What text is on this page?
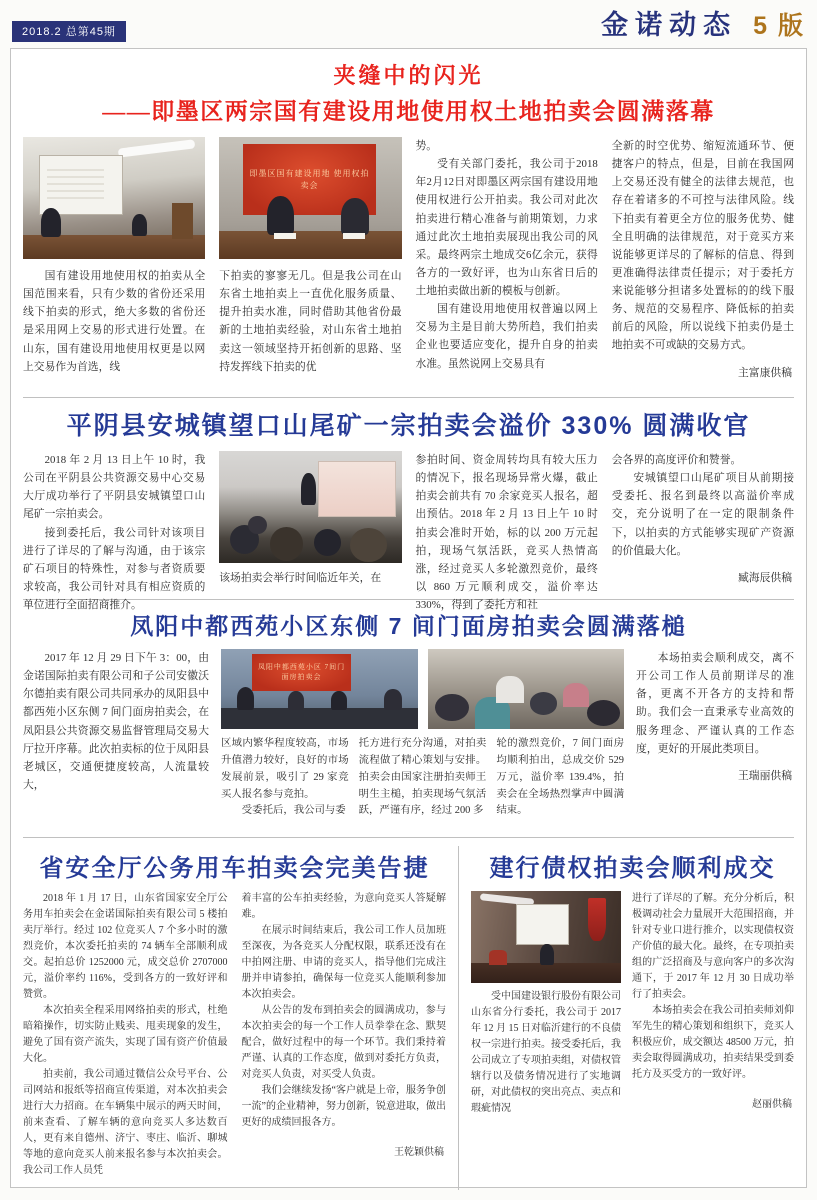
2018.2 总第45期	金诺动态 5 版
夹缝中的闪光
——即墨区两宗国有建设用地使用权土地拍卖会圆满落幕

国有建设用地使用权的拍卖从全国范围来看，只有少数的省份还采用线下拍卖的形式，绝大多数的省份还是采用网上交易的形式进行处置。在山东，国有建设用地使用权更是以网上交易作为首选，线

即墨区国有建设用地 使用权拍卖会

下拍卖的寥寥无几。但是我公司在山东省土地拍卖上一直优化服务质量、提升拍卖水准，同时借助其他省份最新的土地拍卖经验，对山东省土地拍卖这一领域坚持开拓创新的思路、坚持发挥线下拍卖的优

势。

受有关部门委托，我公司于2018年2月12日对即墨区两宗国有建设用地使用权进行公开拍卖。我公司对此次拍卖进行精心准备与前期策划，力求通过此次土地拍卖展现出我公司的风采。最终两宗土地成交6亿余元，获得各方的一致好评，也为山东省日后的土地拍卖做出新的模板与创新。

国有建设用地使用权普遍以网上交易为主是目前大势所趋，我们拍卖企业也要适应变化，提升自身的拍卖水准。虽然说网上交易具有

全新的时空优势、缩短流通环节、便捷客户的特点，但是，目前在我国网上交易还没有健全的法律去规范，也存在着诸多的不可控与法律风险。线下拍卖有着更全方位的服务优势、健全且明确的法律规范，对于竞买方来说能够更详尽的了解标的信息、得到更准确得法律责任提示；对于委托方来说能够分担诸多处置标的的线下服务、规范的交易程序、降低标的拍卖前后的风险，所以说线下拍卖仍是土地拍卖不可或缺的交易方式。

主富康供稿

平阴县安城镇望口山尾矿一宗拍卖会溢价 330% 圆满收官

2018 年 2 月 13 日上午 10 时，我公司在平阴县公共资源交易中心交易大厅成功举行了平阴县安城镇望口山尾矿一宗拍卖会。

接到委托后，我公司针对该项目进行了详尽的了解与沟通，由于该宗矿石项目的特殊性，对参与者资质要求较高，我公司针对具有相应资质的单位进行全面招商推介。

该场拍卖会举行时间临近年关，在

参拍时间、资金周转均具有较大压力的情况下，报名现场异常火爆，截止拍卖会前共有 70 余家竞买人报名，超出预估。2018 年 2 月 13 日上午 10 时拍卖会准时开始，标的以 200 万元起拍，现场气氛活跃，竞买人热情高涨，经过竞买人多轮激烈竞价，最终以 860 万元顺利成交，溢价率达 330%，得到了委托方和社

会各界的高度评价和赞誉。

安城镇望口山尾矿项目从前期接受委托、报名到最终以高溢价率成交，充分说明了在一定的限制条件下，以拍卖的方式能够实现矿产资源的价值最大化。

臧海辰供稿

凤阳中都西苑小区东侧 7 间门面房拍卖会圆满落槌

2017 年 12 月 29 日下午 3：00，由金诺国际拍卖有限公司和子公司安徽沃尔德拍卖有限公司共同承办的凤阳县中都西苑小区东侧 7 间门面房拍卖会，在凤阳县公共资源交易监督管理局交易大厅拉开序幕。此次拍卖标的位于凤阳县老城区，交通便捷度较高，人流量较大，

凤阳中都西苑小区 7间门面房拍卖会

区域内繁华程度较高，市场升值潜力较好，良好的市场发展前景，吸引了 29 家竞买人报名参与竞拍。

受委托后，我公司与委

托方进行充分沟通，对拍卖流程做了精心策划与安排。拍卖会由国家注册拍卖师王明生主槌，拍卖现场气氛活跃，严谨有序，经过 200 多

轮的激烈竞价，7 间门面房均顺利拍出，总成交价 529 万元，溢价率 139.4%，拍卖会在全场热烈掌声中圆满结束。

本场拍卖会顺利成交，离不开公司工作人员前期详尽的准备，更离不开各方的支持和帮助。我们会一直秉承专业高效的服务理念、严谨认真的工作态度，更好的开展此类项目。

王瑞丽供稿

省安全厅公务用车拍卖会完美告捷

2018 年 1 月 17 日，山东省国家安全厅公务用车拍卖会在金诺国际拍卖有限公司 5 楼拍卖厅举行。经过 102 位竞买人 7 个多小时的激烈竞价，本次委托拍卖的 74 辆车全部顺利成交。起拍总价 1252000 元，成交总价 2707000 元，溢价率约 116%，受到各方的一致好评和赞赏。

本次拍卖全程采用网络拍卖的形式，杜绝暗箱操作，切实防止贱卖、甩卖现象的发生，避免了国有资产流失，实现了国有资产价值最大化。

拍卖前，我公司通过微信公众号平台、公司网站和报纸等招商宣传渠道，对本次拍卖会进行大力招商。在车辆集中展示的两天时间，前来查看、了解车辆的意向竞买人多达数百人，更有来自德州、济宁、枣庄、临沂、聊城等地的意向竞买人前来报名参与本次拍卖会。我公司工作人员凭

着丰富的公车拍卖经验，为意向竞买人答疑解难。

在展示时间结束后，我公司工作人员加班至深夜，为各竞买人分配权限，联系还没有在中拍网注册、申请的竞买人，指导他们完成注册并申请参拍，确保每一位竞买人能顺利参加本次拍卖会。

从公告的发布到拍卖会的圆满成功，参与本次拍卖会的每一个工作人员拳拳在念、默契配合，做好过程中的每一个环节。我们秉持着严谨、认真的工作态度，做到对委托方负责，对竞买人负责，对买受人负责。

我们会继续发扬“客户就是上帝，服务争创一流”的企业精神，努力创新，锐意进取，做出更好的成绩回报各方。

王乾颖供稿

建行债权拍卖会顺利成交

受中国建设银行股份有限公司山东省分行委托，我公司于 2017 年 12 月 15 日对临沂建行的不良债权一宗进行拍卖。接受委托后，我公司成立了专项拍卖组，对债权管辖行以及债务情况进行了实地调研，对此债权的突出亮点、卖点和瑕疵情况

进行了详尽的了解。充分分析后，积极调动社会力量展开大范围招商，并针对专业口进行推介，以实现债权资产价值的最大化。最终，在专项拍卖组的广泛招商及与意向客户的多次沟通下，于 2017 年 12 月 30 日成功举行了拍卖会。

本场拍卖会在我公司拍卖师刘仰军先生的精心策划和组织下，竞买人积极应价，成交额达 48500 万元，拍卖会取得圆满成功，拍卖结果受到委托方及买受方的一致好评。

赵丽供稿
